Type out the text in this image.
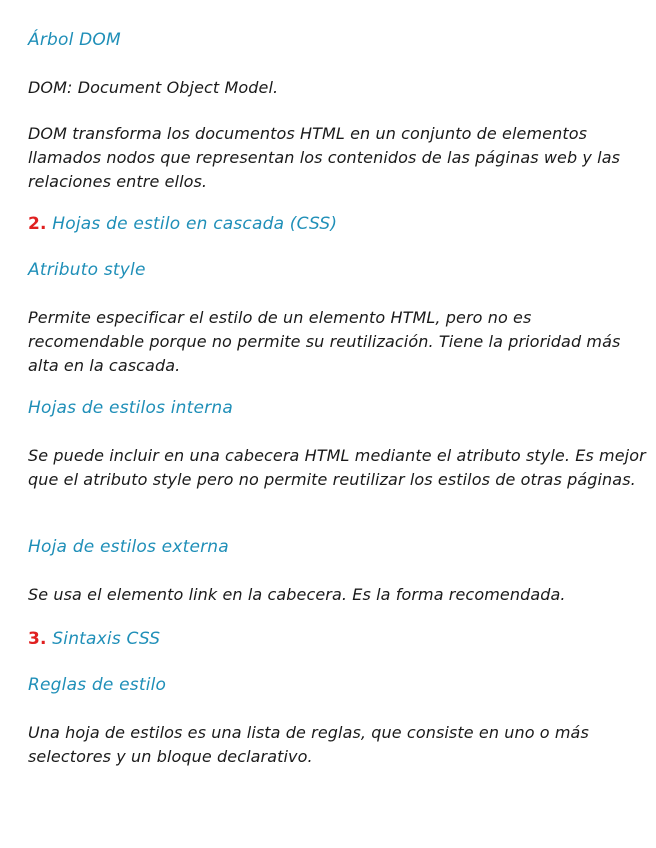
Árbol DOM
DOM: Document Object Model.
DOM transforma los documentos HTML en un conjunto de elementos llamados nodos que representan los contenidos de las páginas web y las relaciones entre ellos.
2. Hojas de estilo en cascada (CSS)
Atributo style
Permite especificar el estilo de un elemento HTML, pero no es recomendable porque no permite su reutilización. Tiene la prioridad más alta en la cascada.
Hojas de estilos interna
Se puede incluir en una cabecera HTML mediante el atributo style. Es mejor que el atributo style pero no permite reutilizar los estilos de otras páginas.
Hoja de estilos externa
Se usa el elemento link en la cabecera. Es la forma recomendada.
3. Sintaxis CSS
Reglas de estilo
Una hoja de estilos es una lista de reglas, que consiste en uno o más selectores y un bloque declarativo.
